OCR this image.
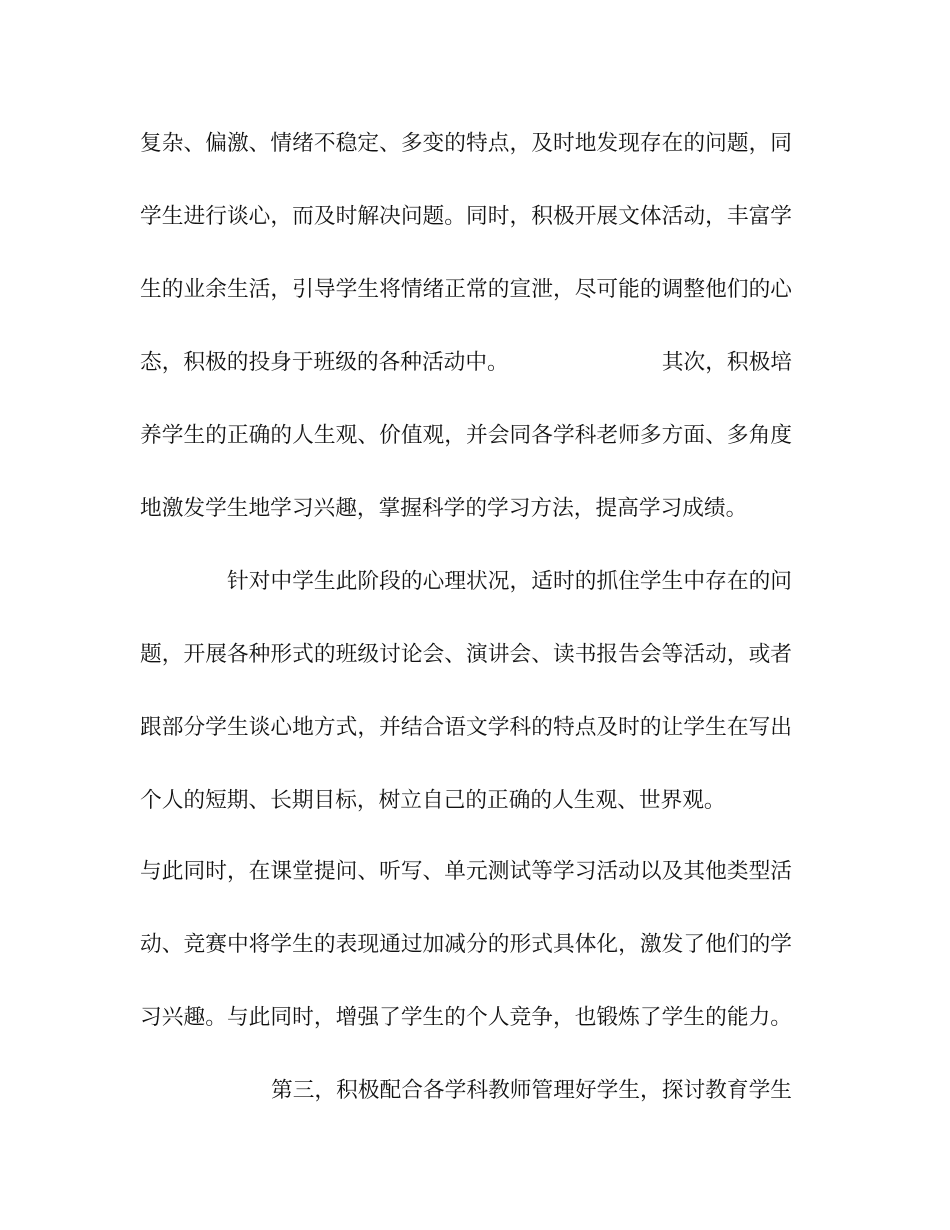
复杂、偏激、情绪不稳定、多变的特点，及时地发现存在的问题，同
学生进行谈心，而及时解决问题。同时，积极开展文体活动，丰富学
生的业余生活，引导学生将情绪正常的宣泄，尽可能的调整他们的心
态，积极的投身于班级的各种活动中。	其次，积极培
养学生的正确的人生观、价值观，并会同各学科老师多方面、多角度
地激发学生地学习兴趣，掌握科学的学习方法，提高学习成绩。
针对中学生此阶段的心理状况，适时的抓住学生中存在的问
题，开展各种形式的班级讨论会、演讲会、读书报告会等活动，或者
跟部分学生谈心地方式，并结合语文学科的特点及时的让学生在写出
个人的短期、长期目标，树立自己的正确的人生观、世界观。
与此同时，在课堂提问、听写、单元测试等学习活动以及其他类型活
动、竞赛中将学生的表现通过加减分的形式具体化，激发了他们的学
习兴趣。与此同时，增强了学生的个人竞争，也锻炼了学生的能力。
第三，积极配合各学科教师管理好学生，探讨教育学生
